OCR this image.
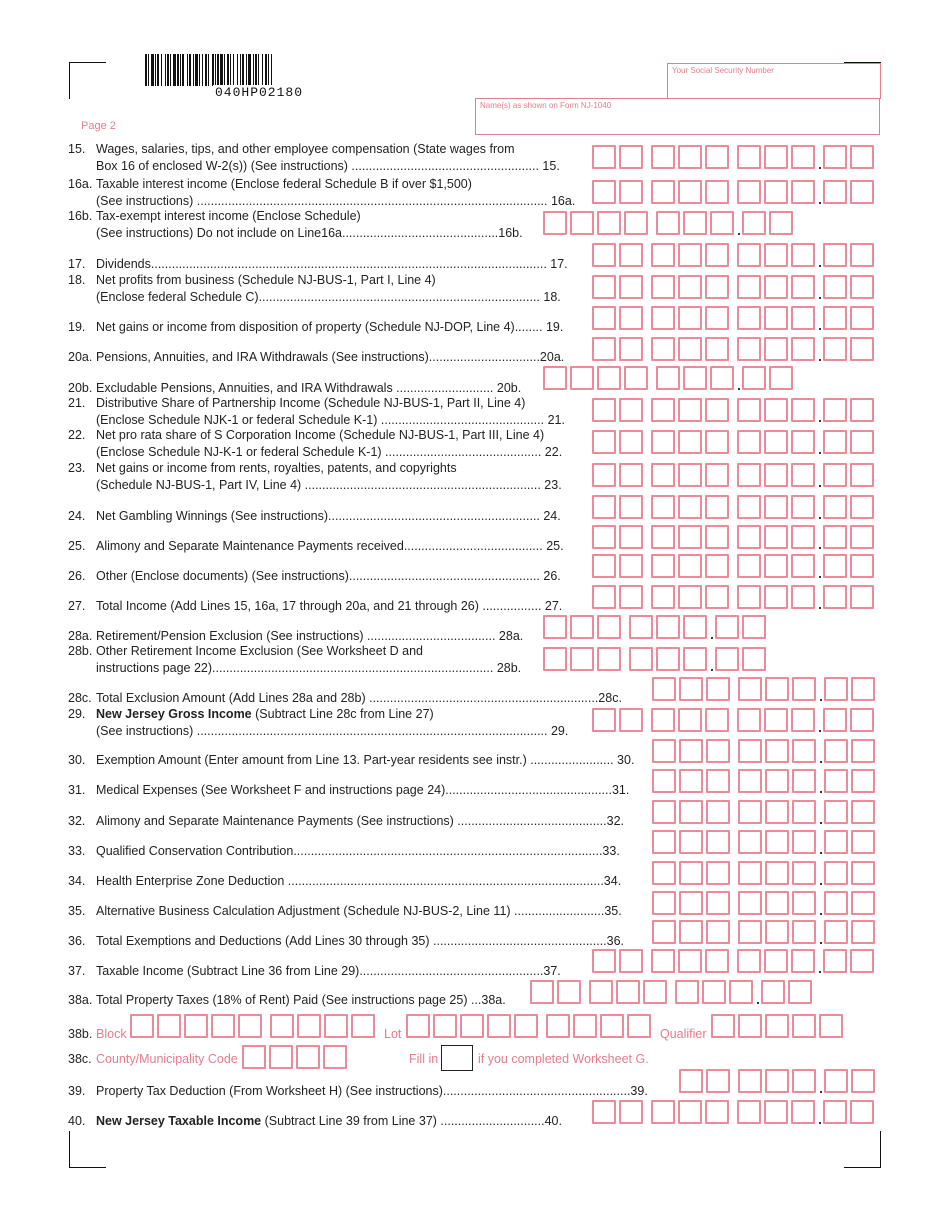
040HP02180
Your Social Security Number
Name(s) as shown on Form NJ-1040
Page 2
15. Wages, salaries, tips, and other employee compensation (State wages from
Box 16 of enclosed W-2(s)) (See instructions) ...................................................... 15.
16a. Taxable interest income (Enclose federal Schedule B if over $1,500)
(See instructions) ..................................................................................................... 16a.
16b. Tax-exempt interest income (Enclose Schedule)
(See instructions) Do not include on Line16a.............................................16b.
17. Dividends.................................................................................................................. 17.
18. Net profits from business (Schedule NJ-BUS-1, Part I, Line 4)
(Enclose federal Schedule C)................................................................................. 18.
19. Net gains or income from disposition of property (Schedule NJ-DOP, Line 4)........ 19.
20a. Pensions, Annuities, and IRA Withdrawals (See instructions)................................20a.
20b. Excludable Pensions, Annuities, and IRA Withdrawals ............................ 20b.
21. Distributive Share of Partnership Income (Schedule NJ-BUS-1, Part II, Line 4)
(Enclose Schedule NJK-1 or federal Schedule K-1) ............................................... 21.
22. Net pro rata share of S Corporation Income (Schedule NJ-BUS-1, Part III, Line 4)
(Enclose Schedule NJ-K-1 or federal Schedule K-1) ............................................. 22.
23. Net gains or income from rents, royalties, patents, and copyrights
(Schedule NJ-BUS-1, Part IV, Line 4) .................................................................... 23.
24. Net Gambling Winnings (See instructions)............................................................. 24.
25. Alimony and Separate Maintenance Payments received........................................ 25.
26. Other (Enclose documents) (See instructions)....................................................... 26.
27. Total Income (Add Lines 15, 16a, 17 through 20a, and 21 through 26) ................. 27.
28a. Retirement/Pension Exclusion (See instructions) ..................................... 28a.
28b. Other Retirement Income Exclusion (See Worksheet D and
instructions page 22)................................................................................. 28b.
28c. Total Exclusion Amount (Add Lines 28a and 28b) ..................................................................28c.
29. New Jersey Gross Income (Subtract Line 28c from Line 27)
(See instructions) ..................................................................................................... 29.
30. Exemption Amount (Enter amount from Line 13. Part-year residents see instr.) ........................ 30.
31. Medical Expenses (See Worksheet F and instructions page 24)................................................31.
32. Alimony and Separate Maintenance Payments (See instructions) ...........................................32.
33. Qualified Conservation Contribution.........................................................................................33.
34. Health Enterprise Zone Deduction ...........................................................................................34.
35. Alternative Business Calculation Adjustment (Schedule NJ-BUS-2, Line 11) ..........................35.
36. Total Exemptions and Deductions (Add Lines 30 through 35) ..................................................36.
37. Taxable Income (Subtract Line 36 from Line 29).....................................................37.
38a. Total Property Taxes (18% of Rent) Paid (See instructions page 25) ...38a.
39. Property Tax Deduction (From Worksheet H) (See instructions)......................................................39.
40. New Jersey Taxable Income (Subtract Line 39 from Line 37) ..............................40.
38b. Block	Lot	Qualifier
38c. County/Municipality Code	Fill in	if you completed Worksheet G.
